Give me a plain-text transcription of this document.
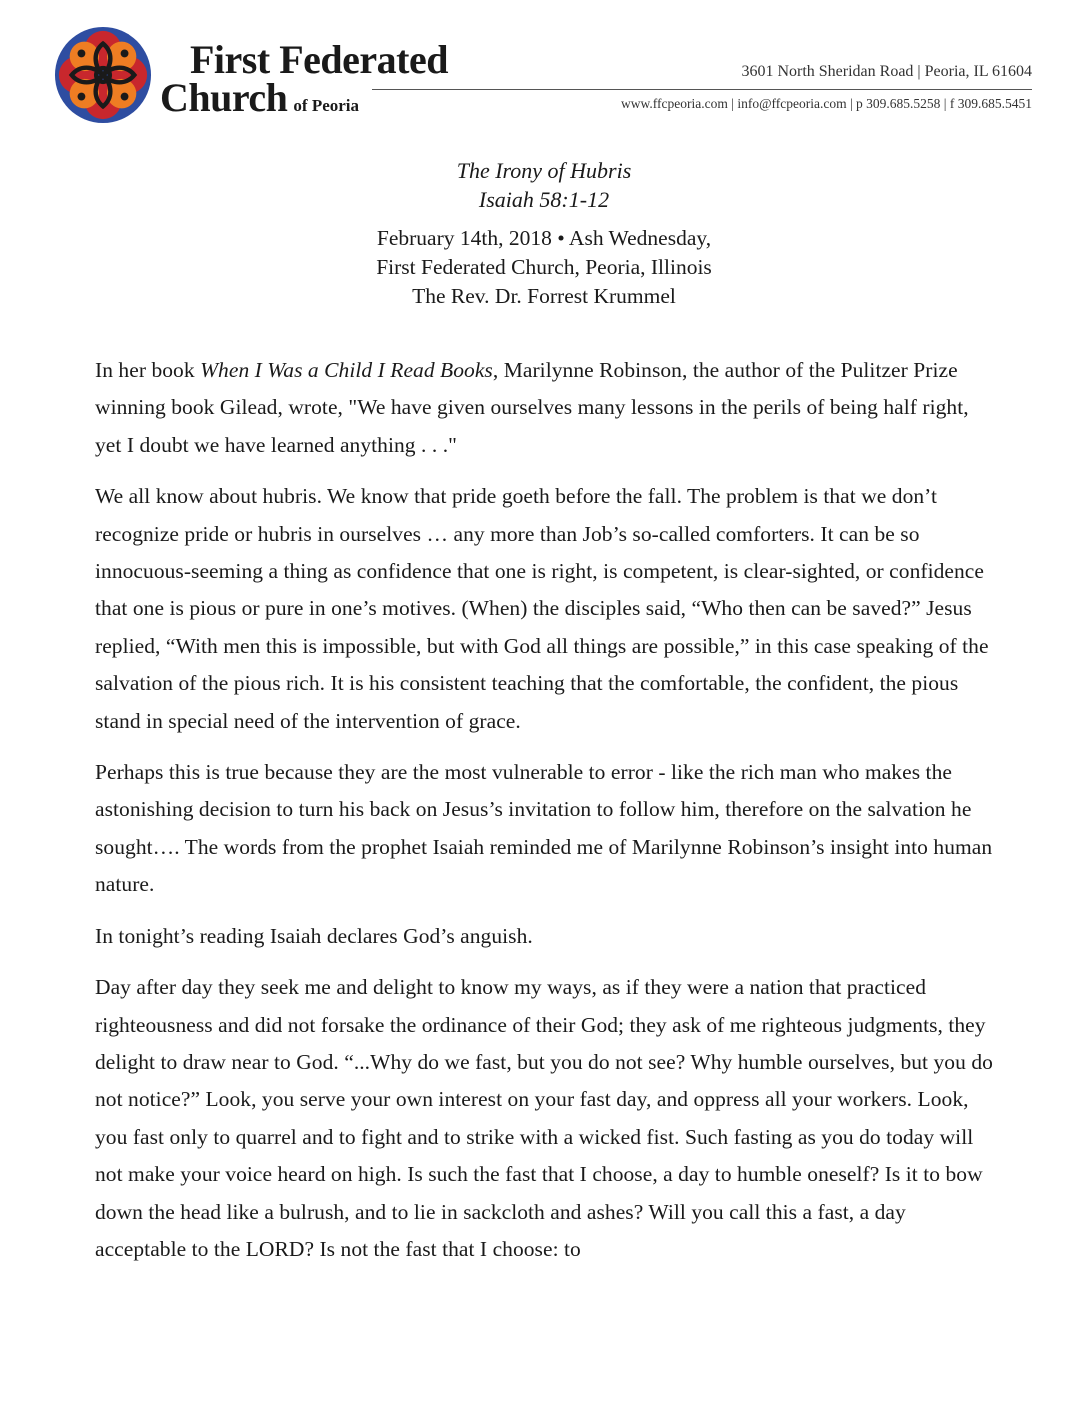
First Federated
Church of Peoria
3601 North Sheridan Road | Peoria, IL 61604
www.ffcpeoria.com | info@ffcpeoria.com | p 309.685.5258 | f 309.685.5451
The Irony of Hubris
Isaiah 58:1-12
February 14th, 2018 • Ash Wednesday,
First Federated Church, Peoria, Illinois
The Rev. Dr. Forrest Krummel

In her book When I Was a Child I Read Books, Marilynne Robinson, the author of the Pulitzer Prize winning book Gilead, wrote, "We have given ourselves many lessons in the perils of being half right, yet I doubt we have learned anything . . ."

We all know about hubris. We know that pride goeth before the fall. The problem is that we don’t recognize pride or hubris in ourselves … any more than Job’s so-called comforters. It can be so innocuous-seeming a thing as confidence that one is right, is competent, is clear-sighted, or confidence that one is pious or pure in one’s motives. (When) the disciples said, “Who then can be saved?” Jesus replied, “With men this is impossible, but with God all things are possible,” in this case speaking of the salvation of the pious rich. It is his consistent teaching that the comfortable, the confident, the pious stand in special need of the intervention of grace.

Perhaps this is true because they are the most vulnerable to error - like the rich man who makes the astonishing decision to turn his back on Jesus’s invitation to follow him, therefore on the salvation he sought…. The words from the prophet Isaiah reminded me of Marilynne Robinson’s insight into human nature.

In tonight’s reading Isaiah declares God’s anguish.

Day after day they seek me and delight to know my ways, as if they were a nation that practiced righteousness and did not forsake the ordinance of their God; they ask of me righteous judgments, they delight to draw near to God. “...Why do we fast, but you do not see? Why humble ourselves, but you do not notice?” Look, you serve your own interest on your fast day, and oppress all your workers. Look, you fast only to quarrel and to fight and to strike with a wicked fist. Such fasting as you do today will not make your voice heard on high. Is such the fast that I choose, a day to humble oneself? Is it to bow down the head like a bulrush, and to lie in sackcloth and ashes? Will you call this a fast, a day acceptable to the LORD? Is not the fast that I choose: to
